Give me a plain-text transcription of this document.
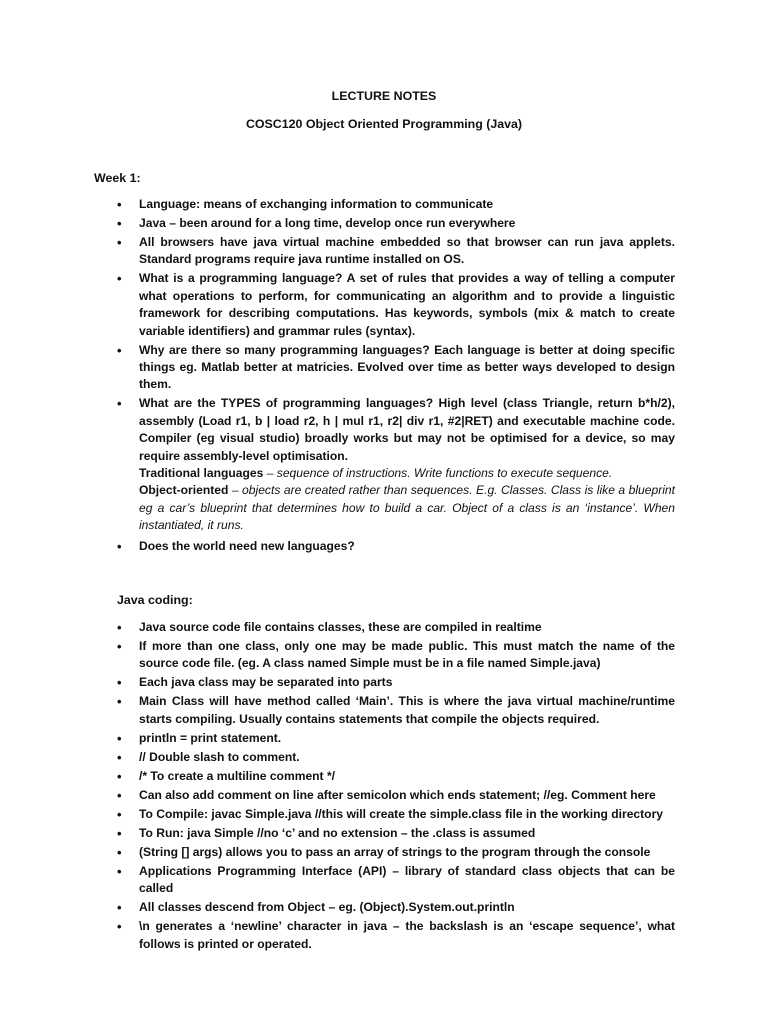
LECTURE NOTES
COSC120 Object Oriented Programming (Java)
Week 1:
• Language: means of exchanging information to communicate
• Java – been around for a long time, develop once run everywhere
• All browsers have java virtual machine embedded so that browser can run java applets. Standard programs require java runtime installed on OS.
• What is a programming language? A set of rules that provides a way of telling a computer what operations to perform, for communicating an algorithm and to provide a linguistic framework for describing computations. Has keywords, symbols (mix & match to create variable identifiers) and grammar rules (syntax).
• Why are there so many programming languages? Each language is better at doing specific things eg. Matlab better at matricies. Evolved over time as better ways developed to design them.
• What are the TYPES of programming languages? High level (class Triangle, return b*h/2), assembly (Load r1, b | load r2, h | mul r1, r2| div r1, #2|RET) and executable machine code. Compiler (eg visual studio) broadly works but may not be optimised for a device, so may require assembly-level optimisation.
Traditional languages – sequence of instructions. Write functions to execute sequence.
Object-oriented – objects are created rather than sequences. E.g. Classes. Class is like a blueprint eg a car’s blueprint that determines how to build a car. Object of a class is an ‘instance’. When instantiated, it runs.
• Does the world need new languages?
Java coding:
• Java source code file contains classes, these are compiled in realtime
• If more than one class, only one may be made public. This must match the name of the source code file. (eg. A class named Simple must be in a file named Simple.java)
• Each java class may be separated into parts
• Main Class will have method called ‘Main’. This is where the java virtual machine/runtime starts compiling. Usually contains statements that compile the objects required.
• println = print statement.
• // Double slash to comment.
• /* To create a multiline comment */
• Can also add comment on line after semicolon which ends statement; //eg. Comment here
• To Compile: javac Simple.java //this will create the simple.class file in the working directory
• To Run: java Simple //no ‘c’ and no extension – the .class is assumed
• (String [] args) allows you to pass an array of strings to the program through the console
• Applications Programming Interface (API) – library of standard class objects that can be called
• All classes descend from Object – eg. (Object).System.out.println
• \n generates a ‘newline’ character in java – the backslash is an ‘escape sequence’, what follows is printed or operated.
